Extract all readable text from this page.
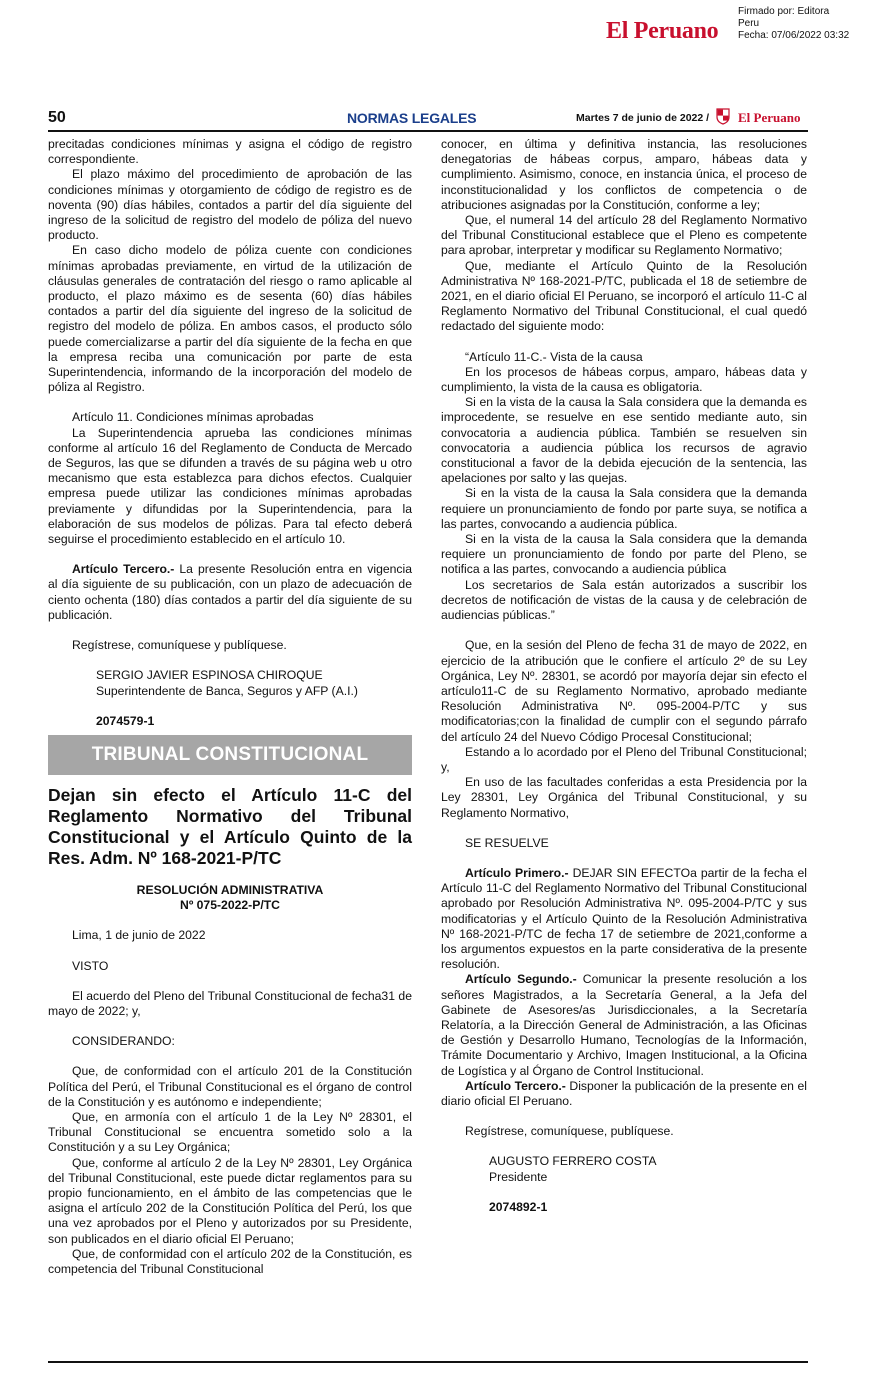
El Peruano
Firmado por: Editora
Peru
Fecha: 07/06/2022 03:32
50	NORMAS LEGALES	Martes 7 de junio de 2022 / El Peruano

precitadas condiciones mínimas y asigna el código de registro correspondiente.

El plazo máximo del procedimiento de aprobación de las condiciones mínimas y otorgamiento de código de registro es de noventa (90) días hábiles, contados a partir del día siguiente del ingreso de la solicitud de registro del modelo de póliza del nuevo producto.

En caso dicho modelo de póliza cuente con condiciones mínimas aprobadas previamente, en virtud de la utilización de cláusulas generales de contratación del riesgo o ramo aplicable al producto, el plazo máximo es de sesenta (60) días hábiles contados a partir del día siguiente del ingreso de la solicitud de registro del modelo de póliza. En ambos casos, el producto sólo puede comercializarse a partir del día siguiente de la fecha en que la empresa reciba una comunicación por parte de esta Superintendencia, informando de la incorporación del modelo de póliza al Registro.

Artículo 11. Condiciones mínimas aprobadas

La Superintendencia aprueba las condiciones mínimas conforme al artículo 16 del Reglamento de Conducta de Mercado de Seguros, las que se difunden a través de su página web u otro mecanismo que esta establezca para dichos efectos. Cualquier empresa puede utilizar las condiciones mínimas aprobadas previamente y difundidas por la Superintendencia, para la elaboración de sus modelos de pólizas. Para tal efecto deberá seguirse el procedimiento establecido en el artículo 10.

Artículo Tercero.- La presente Resolución entra en vigencia al día siguiente de su publicación, con un plazo de adecuación de ciento ochenta (180) días contados a partir del día siguiente de su publicación.

Regístrese, comuníquese y publíquese.

SERGIO JAVIER ESPINOSA CHIROQUE

Superintendente de Banca, Seguros y AFP (A.I.)

2074579-1

TRIBUNAL CONSTITUCIONAL
Dejan sin efecto el Artículo 11-C del Reglamento Normativo del Tribunal Constitucional y el Artículo Quinto de la Res. Adm. Nº 168-2021-P/TC

RESOLUCIÓN ADMINISTRATIVA

Nº 075-2022-P/TC

Lima, 1 de junio de 2022

VISTO

El acuerdo del Pleno del Tribunal Constitucional de fecha31 de mayo de 2022; y,

CONSIDERANDO:

Que, de conformidad con el artículo 201 de la Constitución Política del Perú, el Tribunal Constitucional es el órgano de control de la Constitución y es autónomo e independiente;

Que, en armonía con el artículo 1 de la Ley Nº 28301, el Tribunal Constitucional se encuentra sometido solo a la Constitución y a su Ley Orgánica;

Que, conforme al artículo 2 de la Ley Nº 28301, Ley Orgánica del Tribunal Constitucional, este puede dictar reglamentos para su propio funcionamiento, en el ámbito de las competencias que le asigna el artículo 202 de la Constitución Política del Perú, los que una vez aprobados por el Pleno y autorizados por su Presidente, son publicados en el diario oficial El Peruano;

Que, de conformidad con el artículo 202 de la Constitución, es competencia del Tribunal Constitucional

conocer, en última y definitiva instancia, las resoluciones denegatorias de hábeas corpus, amparo, hábeas data y cumplimiento. Asimismo, conoce, en instancia única, el proceso de inconstitucionalidad y los conflictos de competencia o de atribuciones asignadas por la Constitución, conforme a ley;

Que, el numeral 14 del artículo 28 del Reglamento Normativo del Tribunal Constitucional establece que el Pleno es competente para aprobar, interpretar y modificar su Reglamento Normativo;

Que, mediante el Artículo Quinto de la Resolución Administrativa Nº 168-2021-P/TC, publicada el 18 de setiembre de 2021, en el diario oficial El Peruano, se incorporó el artículo 11-C al Reglamento Normativo del Tribunal Constitucional, el cual quedó redactado del siguiente modo:

“Artículo 11-C.- Vista de la causa

En los procesos de hábeas corpus, amparo, hábeas data y cumplimiento, la vista de la causa es obligatoria.

Si en la vista de la causa la Sala considera que la demanda es improcedente, se resuelve en ese sentido mediante auto, sin convocatoria a audiencia pública. También se resuelven sin convocatoria a audiencia pública los recursos de agravio constitucional a favor de la debida ejecución de la sentencia, las apelaciones por salto y las quejas.

Si en la vista de la causa la Sala considera que la demanda requiere un pronunciamiento de fondo por parte suya, se notifica a las partes, convocando a audiencia pública.

Si en la vista de la causa la Sala considera que la demanda requiere un pronunciamiento de fondo por parte del Pleno, se notifica a las partes, convocando a audiencia pública

Los secretarios de Sala están autorizados a suscribir los decretos de notificación de vistas de la causa y de celebración de audiencias públicas.”

Que, en la sesión del Pleno de fecha 31 de mayo de 2022, en ejercicio de la atribución que le confiere el artículo 2º de su Ley Orgánica, Ley Nº. 28301, se acordó por mayoría dejar sin efecto el artículo11-C de su Reglamento Normativo, aprobado mediante Resolución Administrativa Nº. 095-2004-P/TC y sus modificatorias;con la finalidad de cumplir con el segundo párrafo del artículo 24 del Nuevo Código Procesal Constitucional;

Estando a lo acordado por el Pleno del Tribunal Constitucional; y,

En uso de las facultades conferidas a esta Presidencia por la Ley 28301, Ley Orgánica del Tribunal Constitucional, y su Reglamento Normativo,

SE RESUELVE

Artículo Primero.- DEJAR SIN EFECTOa partir de la fecha el Artículo 11-C del Reglamento Normativo del Tribunal Constitucional aprobado por Resolución Administrativa Nº. 095-2004-P/TC y sus modificatorias y el Artículo Quinto de la Resolución Administrativa Nº 168-2021-P/TC de fecha 17 de setiembre de 2021,conforme a los argumentos expuestos en la parte considerativa de la presente resolución.

Artículo Segundo.- Comunicar la presente resolución a los señores Magistrados, a la Secretaría General, a la Jefa del Gabinete de Asesores/as Jurisdiccionales, a la Secretaría Relatoría, a la Dirección General de Administración, a las Oficinas de Gestión y Desarrollo Humano, Tecnologías de la Información, Trámite Documentario y Archivo, Imagen Institucional, a la Oficina de Logística y al Órgano de Control Institucional.

Artículo Tercero.- Disponer la publicación de la presente en el diario oficial El Peruano.

Regístrese, comuníquese, publíquese.

AUGUSTO FERRERO COSTA

Presidente

2074892-1
